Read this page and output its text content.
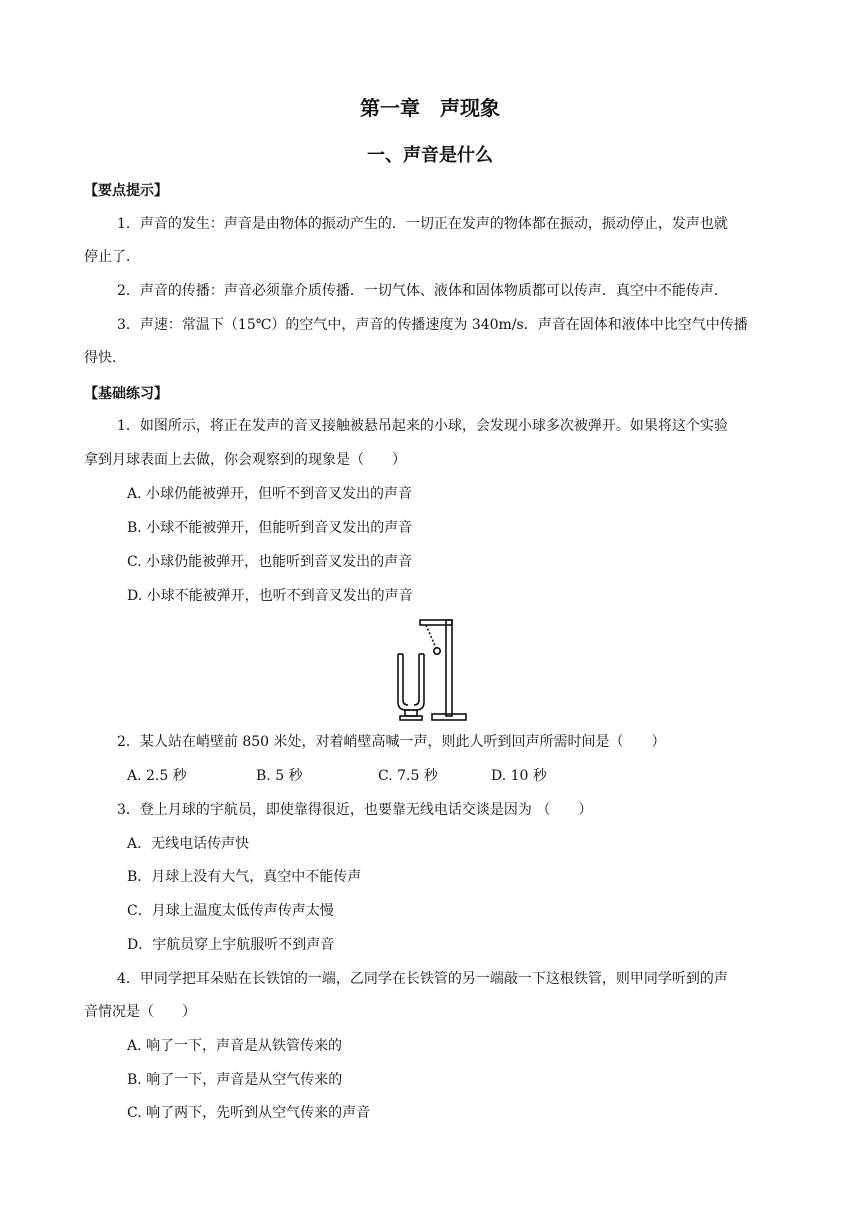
第一章　声现象
一、声音是什么
【要点提示】
1．声音的发生：声音是由物体的振动产生的．一切正在发声的物体都在振动，振动停止，发声也就
停止了．
2．声音的传播：声音必须靠介质传播．一切气体、液体和固体物质都可以传声．真空中不能传声．
3．声速：常温下（15℃）的空气中，声音的传播速度为 340m/s．声音在固体和液体中比空气中传播
得快．
【基础练习】
1．如图所示，将正在发声的音叉接触被悬吊起来的小球，会发现小球多次被弹开。如果将这个实验
拿到月球表面上去做，你会观察到的现象是（　　）
A. 小球仍能被弹开，但听不到音叉发出的声音
B. 小球不能被弹开，但能听到音叉发出的声音
C. 小球仍能被弹开，也能听到音叉发出的声音
D. 小球不能被弹开，也听不到音叉发出的声音
2．某人站在峭壁前 850 米处，对着峭壁高喊一声，则此人听到回声所需时间是（　　）
A. 2.5 秒	B. 5 秒	C. 7.5 秒	D. 10 秒
3．登上月球的宇航员，即使靠得很近，也要靠无线电话交谈是因为 （　　）
A．无线电话传声快
B．月球上没有大气，真空中不能传声
C．月球上温度太低传声传声太慢
D．宇航员穿上宇航服听不到声音
4．甲同学把耳朵贴在长铁馆的一端，乙同学在长铁管的另一端敲一下这根铁管，则甲同学听到的声
音情况是（　　）
A. 响了一下，声音是从铁管传来的
B. 响了一下，声音是从空气传来的
C. 响了两下，先听到从空气传来的声音
